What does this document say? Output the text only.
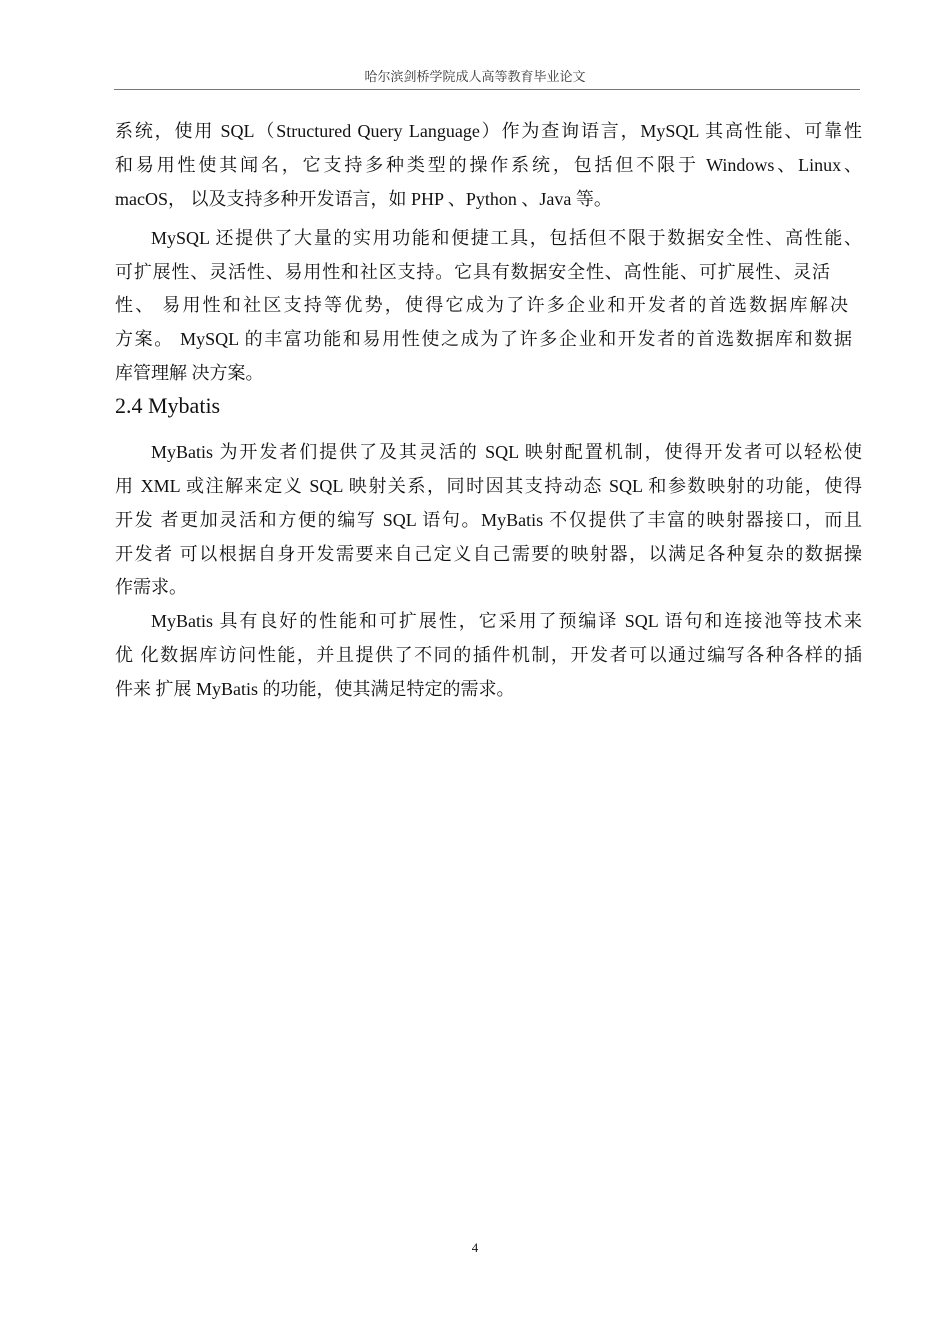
哈尔滨剑桥学院成人高等教育毕业论文
系统，使用 SQL（Structured Query Language）作为查询语言，MySQL 其高性能、可靠性
和易用性使其闻名，它支持多种类型的操作系统，包括但不限于 Windows、Linux、
macOS， 以及支持多种开发语言，如 PHP 、Python 、Java 等。
MySQL 还提供了大量的实用功能和便捷工具，包括但不限于数据安全性、高性能、
可扩展性、灵活性、易用性和社区支持。它具有数据安全性、高性能、可扩展性、灵活
性、 易用性和社区支持等优势，使得它成为了许多企业和开发者的首选数据库解决
方案。 MySQL 的丰富功能和易用性使之成为了许多企业和开发者的首选数据库和数据
库管理解 决方案。
2.4 Mybatis
MyBatis 为开发者们提供了及其灵活的 SQL 映射配置机制，使得开发者可以轻松使
用 XML 或注解来定义 SQL 映射关系，同时因其支持动态 SQL 和参数映射的功能，使得
开发 者更加灵活和方便的编写 SQL 语句。MyBatis 不仅提供了丰富的映射器接口，而且
开发者 可以根据自身开发需要来自己定义自己需要的映射器，以满足各种复杂的数据操
作需求。
MyBatis 具有良好的性能和可扩展性，它采用了预编译 SQL 语句和连接池等技术来
优 化数据库访问性能，并且提供了不同的插件机制，开发者可以通过编写各种各样的插
件来 扩展 MyBatis 的功能，使其满足特定的需求。
4
